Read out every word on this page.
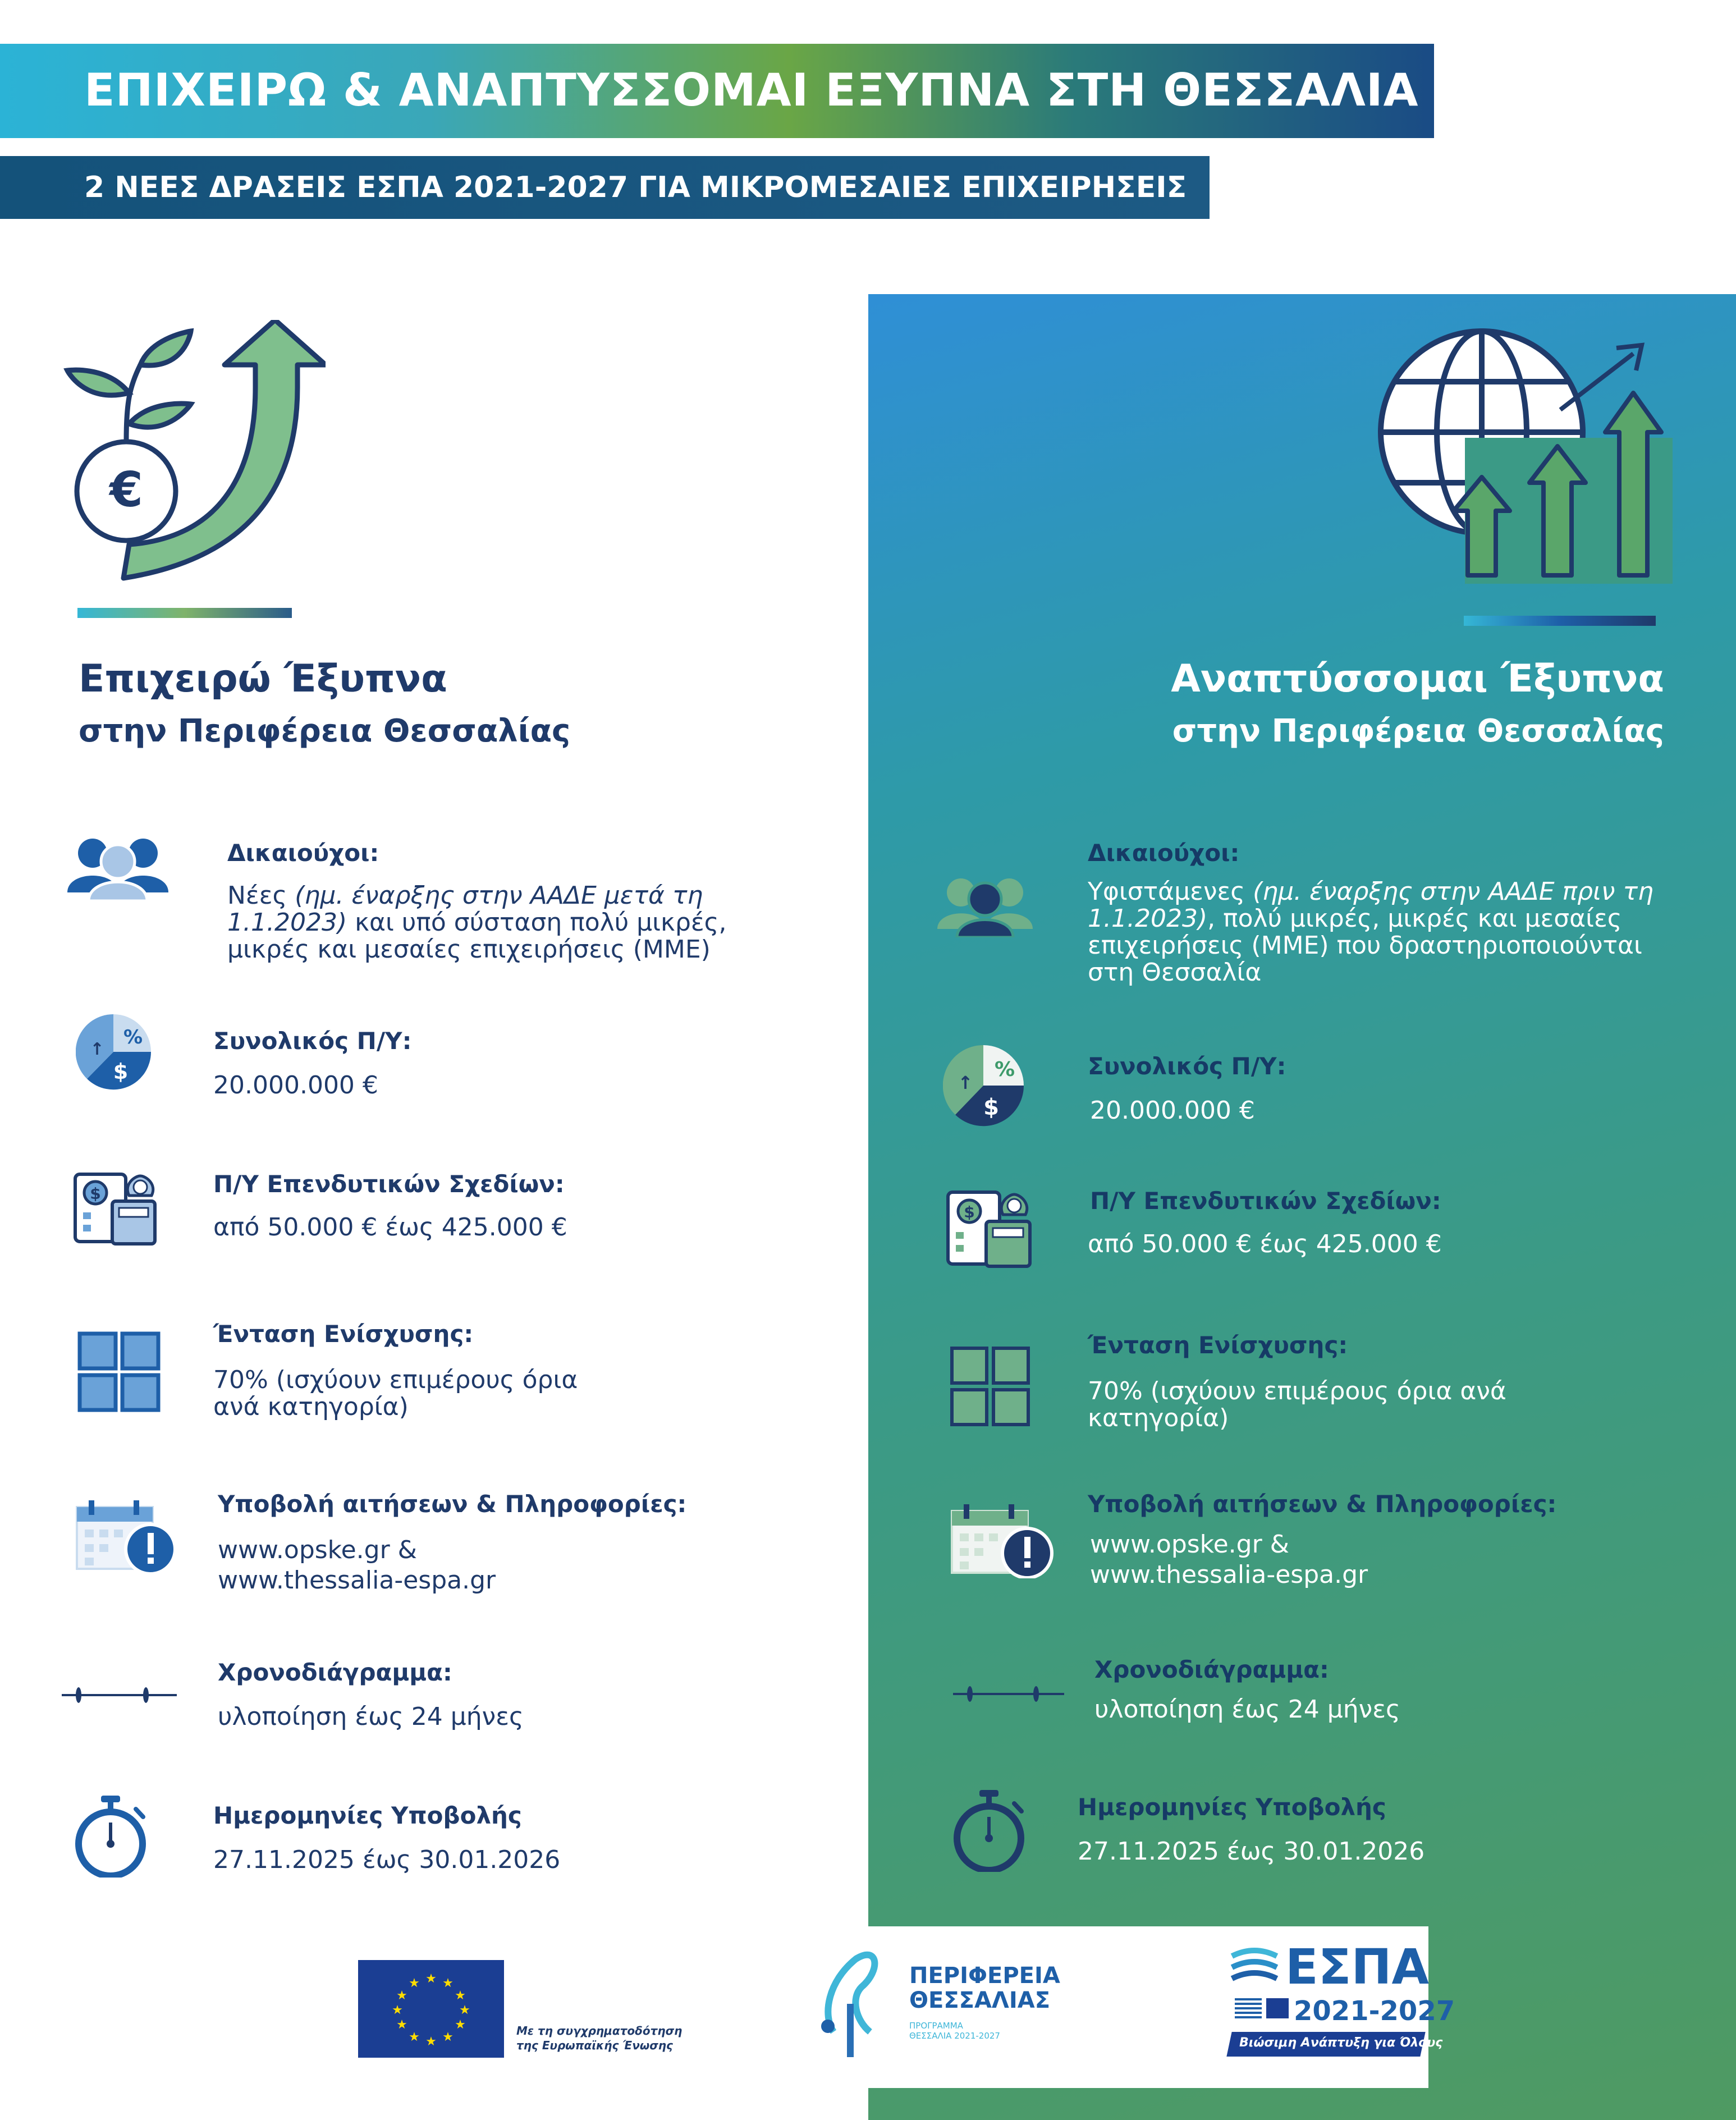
ΕΠΙΧΕΙΡΩ & ΑΝΑΠΤΥΣΣΟΜΑΙ ΕΞΥΠΝΑ ΣΤΗ ΘΕΣΣΑΛΙΑ
2 ΝΕΕΣ ΔΡΑΣΕΙΣ ΕΣΠΑ 2021-2027 ΓΙΑ ΜΙΚΡΟΜΕΣΑΙΕΣ ΕΠΙΧΕΙΡΗΣΕΙΣ
€
Επιχειρώ Έξυπνα
στην Περιφέρεια Θεσσαλίας
Δικαιούχοι:
Νέες (ημ. έναρξης στην ΑΑΔΕ μετά τη
1.1.2023) και υπό σύσταση πολύ μικρές,
μικρές και μεσαίες επιχειρήσεις (ΜΜΕ)
%
$
↑	Συνολικός Π/Υ:
20.000.000 €
$	Π/Υ Επενδυτικών Σχεδίων:
από 50.000 € έως 425.000 €
Ένταση Ενίσχυσης:
70% (ισχύουν επιμέρους όρια
ανά κατηγορία)
Υποβολή αιτήσεων & Πληροφορίες:
www.opske.gr &
www.thessalia-espa.gr
Χρονοδιάγραμμα:
υλοποίηση έως 24 μήνες
Ημερομηνίες Υποβολής
27.11.2025 έως 30.01.2026
Αναπτύσσομαι Έξυπνα
στην Περιφέρεια Θεσσαλίας
Δικαιούχοι:
Υφιστάμενες (ημ. έναρξης στην ΑΑΔΕ πριν τη
1.1.2023), πολύ μικρές, μικρές και μεσαίες
επιχειρήσεις (ΜΜΕ) που δραστηριοποιούνται
στη Θεσσαλία
%
$
↑
Συνολικός Π/Υ:
20.000.000 €
$	Π/Υ Επενδυτικών Σχεδίων:
από 50.000 € έως 425.000 €
Ένταση Ενίσχυσης:
70% (ισχύουν επιμέρους όρια ανά
κατηγορία)
Υποβολή αιτήσεων & Πληροφορίες:
www.opske.gr &
www.thessalia-espa.gr
Χρονοδιάγραμμα:
υλοποίηση έως 24 μήνες
Ημερομηνίες Υποβολής
27.11.2025 έως 30.01.2026
★ ★
★
★
★
★
★
★
★
★
★
★
Με τη συγχρηματοδότηση
της Ευρωπαϊκής Ένωσης
ΠΕΡΙΦΕΡΕΙΑ
ΘΕΣΣΑΛΙΑΣ
ΠΡΟΓΡΑΜΜΑ
ΘΕΣΣΑΛΙΑ 2021-2027
ΕΣΠΑ
2021-2027
Βιώσιμη Ανάπτυξη για Όλους
